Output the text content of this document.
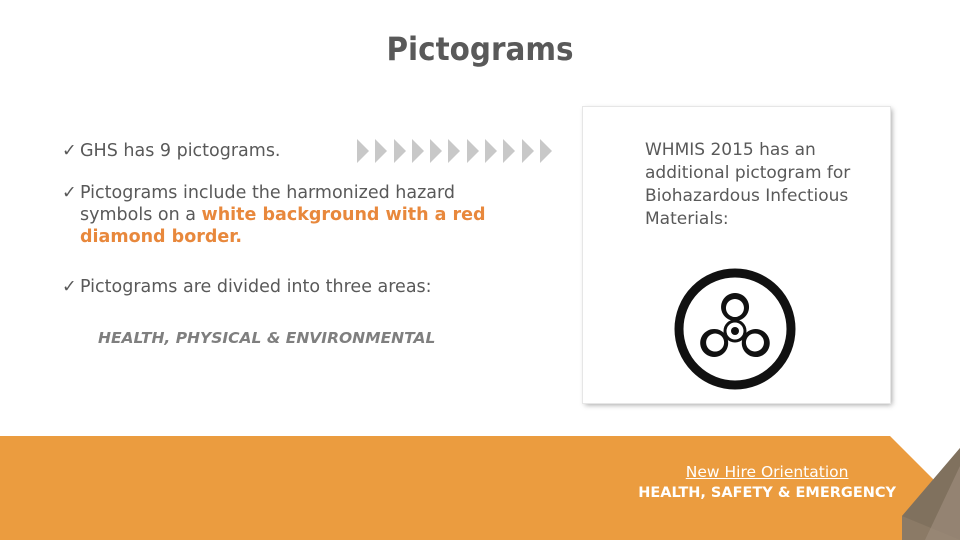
Pictograms
✓ GHS has 9 pictograms.
✓ Pictograms include the harmonized hazard symbols on a white background with a red diamond border.
✓ Pictograms are divided into three areas:
HEALTH, PHYSICAL & ENVIRONMENTAL
WHMIS 2015 has an additional pictogram for Biohazardous Infectious Materials:
New Hire Orientation
HEALTH, SAFETY & EMERGENCY
